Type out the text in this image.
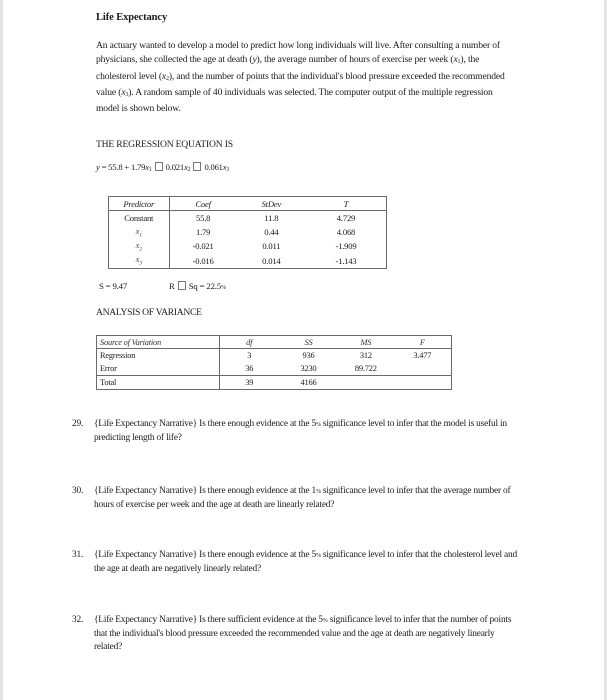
Life Expectancy
An actuary wanted to develop a model to predict how long individuals will live. After consulting a number of physicians, she collected the age at death (y), the average number of hours of exercise per week $(x_1)$, the cholesterol level $(x_2)$, and the number of points that the individual's blood pressure exceeded the recommended value $(x_3)$. A random sample of 40 individuals was selected. The computer output of the multiple regression model is shown below.
THE REGRESSION EQUATION IS
$y = 55.8 + 1.79x_1$ $0.021x_2$ $0.061x_3$
Predictor	Coef	StDev	T
Constant	55.8	11.8	4.729
$x_1$	1.79	0.44	4.068
$x_2$	-0.021	0.011	-1.909
$x_3$	-0.016	0.014	-1.143
S = 9.47	R Sq = 22.5%
ANALYSIS OF VARIANCE
Source of Variation	df	SS	MS	F
Regression	3	936	312	3.477
Error	36	3230	89.722	
Total	39	4166		
29. {Life Expectancy Narrative} Is there enough evidence at the 5% significance level to infer that the model is useful in predicting length of life?
30. {Life Expectancy Narrative} Is there enough evidence at the 1% significance level to infer that the average number of hours of exercise per week and the age at death are linearly related?
31. {Life Expectancy Narrative} Is there enough evidence at the 5% significance level to infer that the cholesterol level and the age at death are negatively linearly related?
32. {Life Expectancy Narrative} Is there sufficient evidence at the 5% significance level to infer that the number of points that the individual's blood pressure exceeded the recommended value and the age at death are negatively linearly related?
